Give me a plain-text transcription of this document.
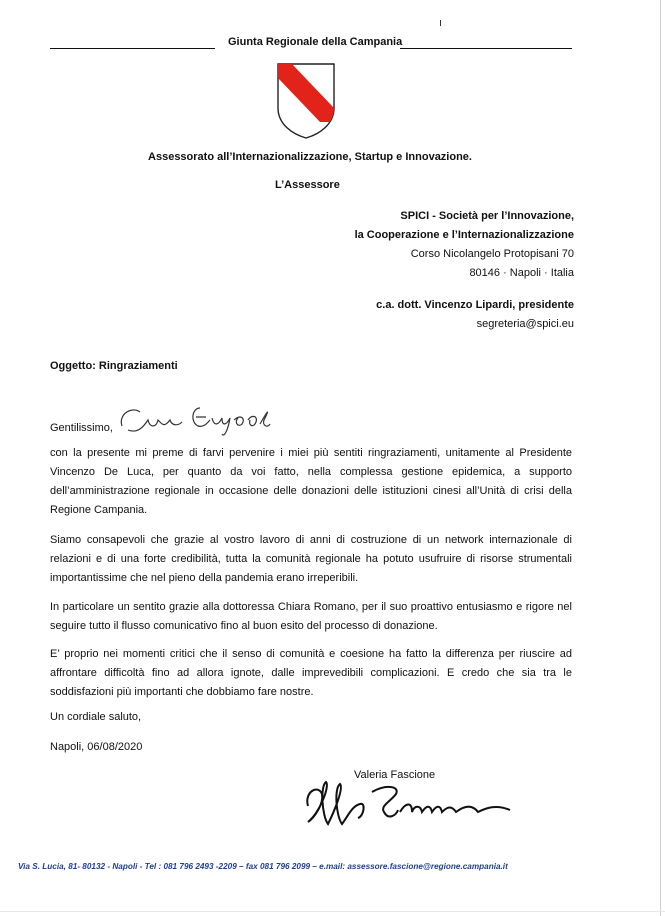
Giunta Regionale della Campania
Assessorato all’Internazionalizzazione, Startup e Innovazione.
L’Assessore
SPICI - Società per l’Innovazione,
la Cooperazione e l’Internazionalizzazione
Corso Nicolangelo Protopisani 70
80146 · Napoli · Italia
c.a. dott. Vincenzo Lipardi, presidente
segreteria@spici.eu
Oggetto: Ringraziamenti
Gentilissimo,
con la presente mi preme di farvi pervenire i miei più sentiti ringraziamenti, unitamente al Presidente Vincenzo De Luca, per quanto da voi fatto, nella complessa gestione epidemica, a supporto dell’amministrazione regionale in occasione delle donazioni delle istituzioni cinesi all’Unità di crisi della Regione Campania.
Siamo consapevoli che grazie al vostro lavoro di anni di costruzione di un network internazionale di relazioni e di una forte credibilità, tutta la comunità regionale ha potuto usufruire di risorse strumentali importantissime che nel pieno della pandemia erano irreperibili.
In particolare un sentito grazie alla dottoressa Chiara Romano, per il suo proattivo entusiasmo e rigore nel seguire tutto il flusso comunicativo fino al buon esito del processo di donazione.
E’ proprio nei momenti critici che il senso di comunità e coesione ha fatto la differenza per riuscire ad affrontare difficoltà fino ad allora ignote, dalle imprevedibili complicazioni. E credo che sia tra le soddisfazioni più importanti che dobbiamo fare nostre.
Un cordiale saluto,
Napoli, 06/08/2020
Valeria Fascione
Via S. Lucia, 81- 80132 - Napoli - Tel : 081 796 2493 -2209 – fax 081 796 2099 – e.mail: assessore.fascione@regione.campania.it
